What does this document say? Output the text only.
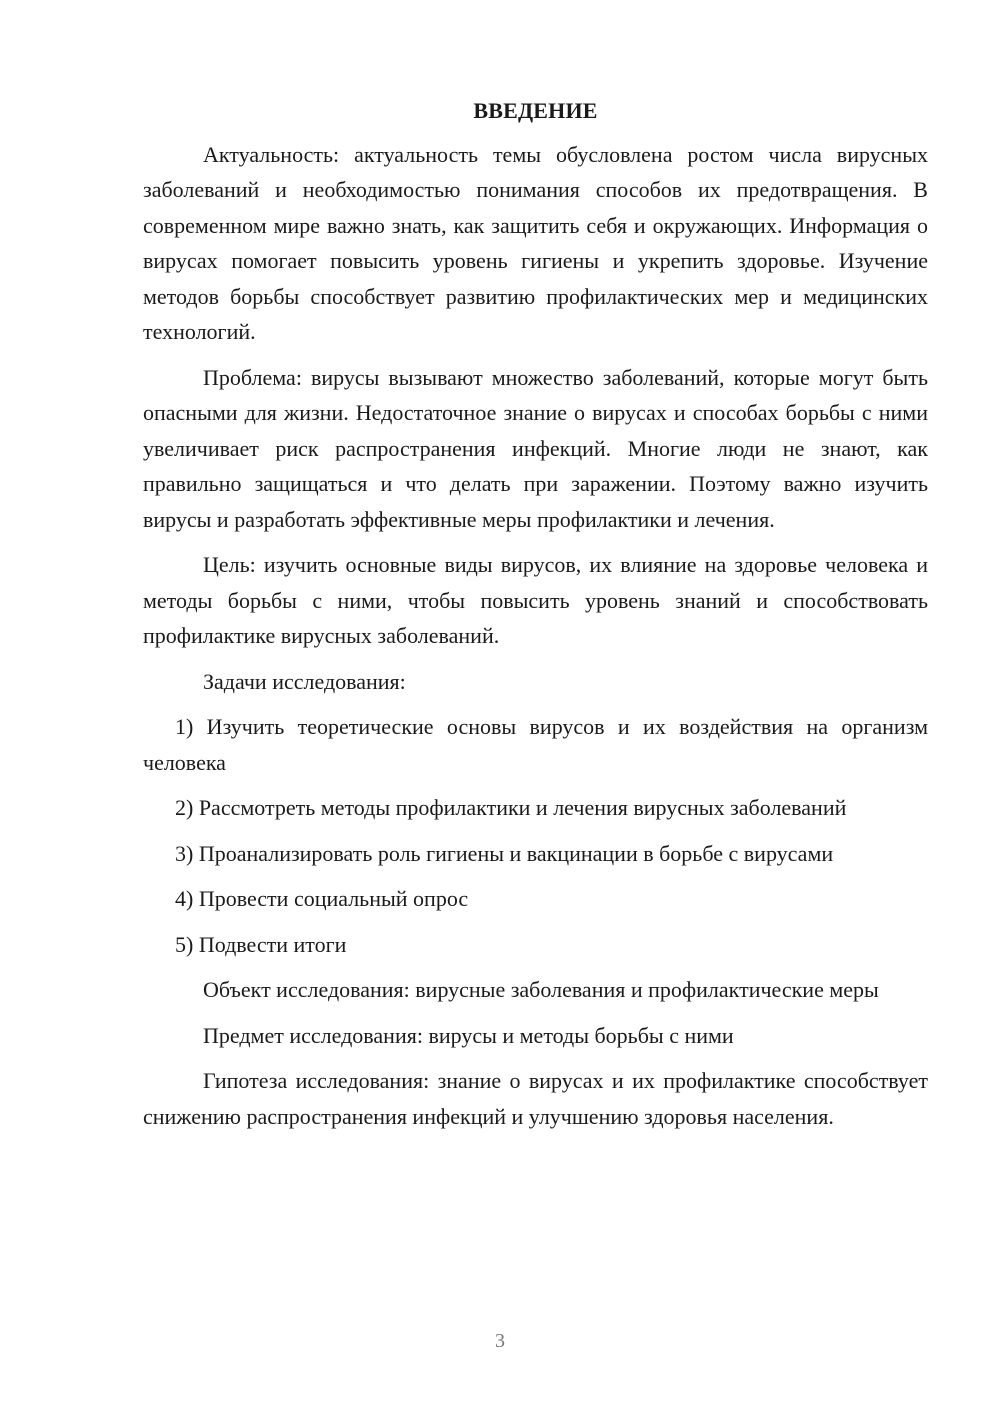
ВВЕДЕНИЕ

Актуальность: актуальность темы обусловлена ростом числа вирусных заболеваний и необходимостью понимания способов их предотвращения. В современном мире важно знать, как защитить себя и окружающих. Информация о вирусах помогает повысить уровень гигиены и укрепить здоровье. Изучение методов борьбы способствует развитию профилактических мер и медицинских технологий.

Проблема: вирусы вызывают множество заболеваний, которые могут быть опасными для жизни. Недостаточное знание о вирусах и способах борьбы с ними увеличивает риск распространения инфекций. Многие люди не знают, как правильно защищаться и что делать при заражении. Поэтому важно изучить вирусы и разработать эффективные меры профилактики и лечения.

Цель: изучить основные виды вирусов, их влияние на здоровье человека и методы борьбы с ними, чтобы повысить уровень знаний и способствовать профилактике вирусных заболеваний.

Задачи исследования:

1) Изучить теоретические основы вирусов и их воздействия на организм человека

2) Рассмотреть методы профилактики и лечения вирусных заболеваний

3) Проанализировать роль гигиены и вакцинации в борьбе с вирусами

4) Провести социальный опрос

5) Подвести итоги

Объект исследования: вирусные заболевания и профилактические меры

Предмет исследования: вирусы и методы борьбы с ними

Гипотеза исследования: знание о вирусах и их профилактике способствует снижению распространения инфекций и улучшению здоровья населения.

3
